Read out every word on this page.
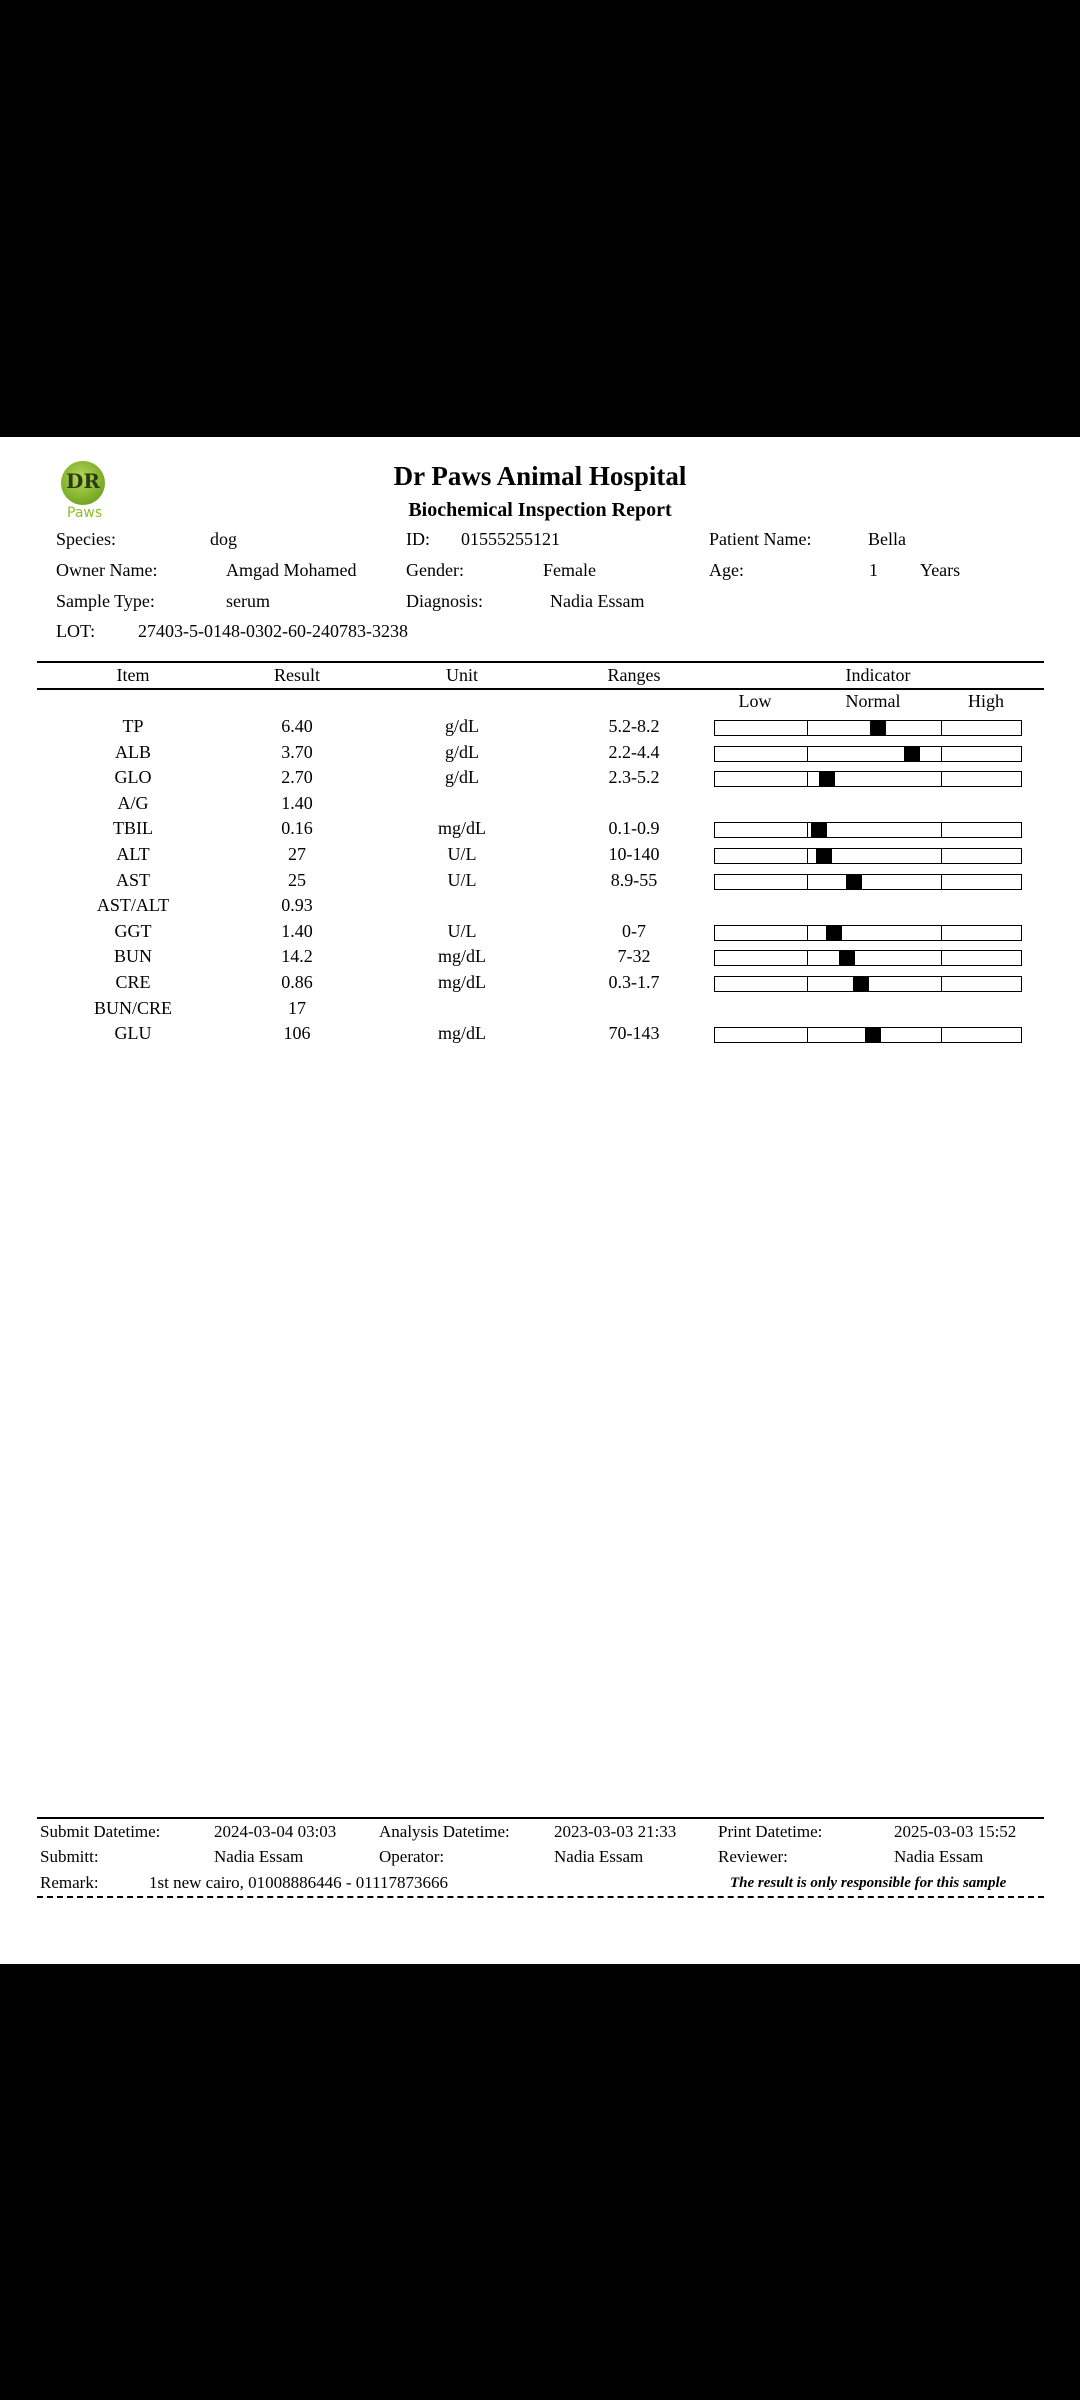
DR
Paws
Dr Paws Animal Hospital
Biochemical Inspection Report
Species:	dog	ID: 01555255121	Patient Name:	Bella
Owner Name:	Amgad Mohamed	Gender:	Female	Age:	1 Years
Sample Type:	serum	Diagnosis:	Nadia Essam
LOT: 27403-5-0148-0302-60-240783-3238
Item	Result	Unit	Ranges	Indicator
Low	Normal	High
TP	6.40	g/dL	5.2-8.2
ALB	3.70	g/dL	2.2-4.4
GLO	2.70	g/dL	2.3-5.2
A/G	1.40
TBIL	0.16	mg/dL	0.1-0.9
ALT	27	U/L	10-140
AST	25	U/L	8.9-55
AST/ALT	0.93
GGT	1.40	U/L	0-7
BUN	14.2	mg/dL	7-32
CRE	0.86	mg/dL	0.3-1.7
BUN/CRE	17
GLU	106	mg/dL	70-143
Submit Datetime:	2024-03-04 03:03	Analysis Datetime:	2023-03-03 21:33 Print Datetime:	2025-03-03 15:52
Submitt:	Nadia Essam	Operator:	Nadia Essam	Reviewer:	Nadia Essam
Remark:	1st new cairo, 01008886446 - 01117873666	The result is only responsible for this sample
